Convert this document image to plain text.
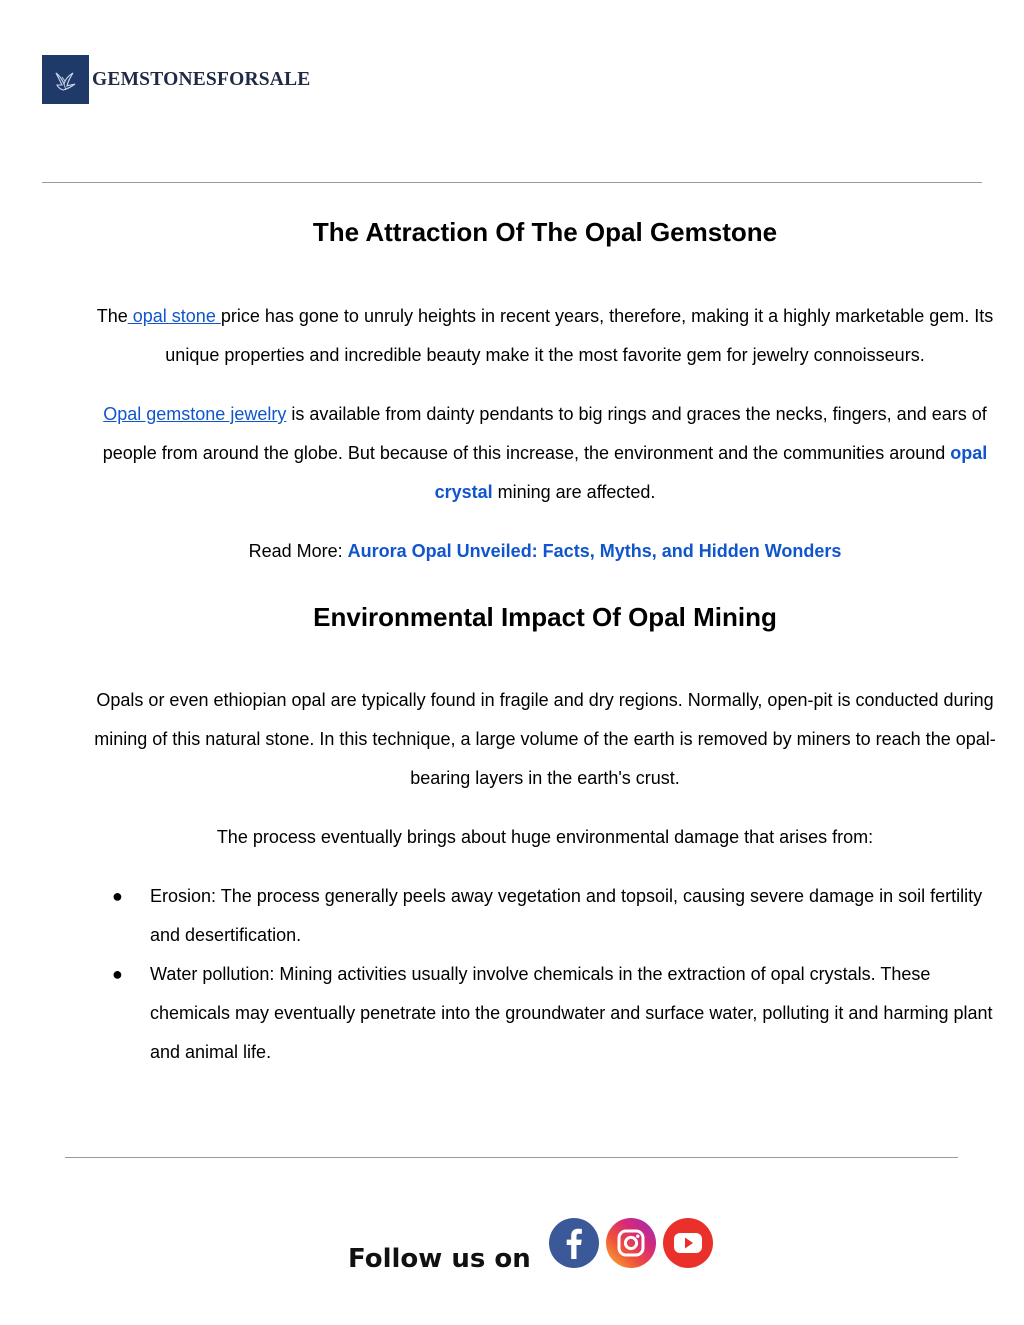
GEMSTONESFORSALE
The Attraction Of The Opal Gemstone

The opal stone price has gone to unruly heights in recent years, therefore, making it a highly marketable gem. Its unique properties and incredible beauty make it the most favorite gem for jewelry connoisseurs.

Opal gemstone jewelry is available from dainty pendants to big rings and graces the necks, fingers, and ears of people from around the globe. But because of this increase, the environment and the communities around opal crystal mining are affected.

Read More: Aurora Opal Unveiled: Facts, Myths, and Hidden Wonders

Environmental Impact Of Opal Mining

Opals or even ethiopian opal are typically found in fragile and dry regions. Normally, open-pit is conducted during mining of this natural stone. In this technique, a large volume of the earth is removed by miners to reach the opal-bearing layers in the earth's crust.

The process eventually brings about huge environmental damage that arises from:

● Erosion: The process generally peels away vegetation and topsoil, causing severe damage in soil fertility and desertification.
● Water pollution: Mining activities usually involve chemicals in the extraction of opal crystals. These chemicals may eventually penetrate into the groundwater and surface water, polluting it and harming plant and animal life.
Follow us on
